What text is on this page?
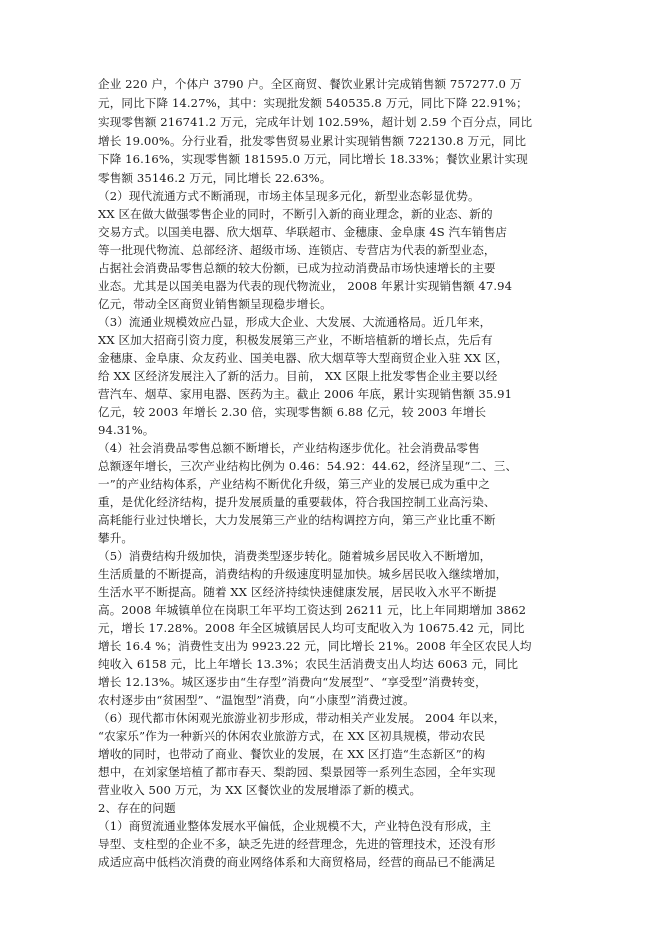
企业 220 户，个体户 3790 户。全区商贸、餐饮业累计完成销售额 757277.0 万
元，同比下降 14.27%，其中：实现批发额 540535.8 万元，同比下降 22.91%；
实现零售额 216741.2 万元，完成年计划 102.59%，超计划 2.59 个百分点，同比
增长 19.00%。分行业看，批发零售贸易业累计实现销售额 722130.8 万元，同比
下降 16.16%，实现零售额 181595.0 万元，同比增长 18.33%；餐饮业累计实现
零售额 35146.2 万元，同比增长 22.63%。
（2）现代流通方式不断涌现，市场主体呈现多元化，新型业态彰显优势。
XX 区在做大做强零售企业的同时，不断引入新的商业理念，新的业态、新的
交易方式。以国美电器、欣大烟草、华联超市、金穗康、金阜康 4S 汽车销售店
等一批现代物流、总部经济、超级市场、连锁店、专营店为代表的新型业态，
占据社会消费品零售总额的较大份额，已成为拉动消费品市场快速增长的主要
业态。尤其是以国美电器为代表的现代物流业， 2008 年累计实现销售额 47.94
亿元，带动全区商贸业销售额呈现稳步增长。
（3）流通业规模效应凸显，形成大企业、大发展、大流通格局。近几年来，
XX 区加大招商引资力度，积极发展第三产业，不断培植新的增长点，先后有
金穗康、金阜康、众友药业、国美电器、欣大烟草等大型商贸企业入驻 XX 区，
给 XX 区经济发展注入了新的活力。目前， XX 区限上批发零售企业主要以经
营汽车、烟草、家用电器、医药为主。截止 2006 年底，累计实现销售额 35.91
亿元，较 2003 年增长 2.30 倍，实现零售额 6.88 亿元，较 2003 年增长
94.31%。
（4）社会消费品零售总额不断增长，产业结构逐步优化。社会消费品零售
总额逐年增长，三次产业结构比例为 0.46：54.92：44.62，经济呈现“二、三、
一”的产业结构体系，产业结构不断优化升级，第三产业的发展已成为重中之
重，是优化经济结构，提升发展质量的重要载体，符合我国控制工业高污染、
高耗能行业过快增长，大力发展第三产业的结构调控方向，第三产业比重不断
攀升。
（5）消费结构升级加快，消费类型逐步转化。随着城乡居民收入不断增加，
生活质量的不断提高，消费结构的升级速度明显加快。城乡居民收入继续增加，
生活水平不断提高。随着 XX 区经济持续快速健康发展，居民收入水平不断提
高。2008 年城镇单位在岗职工年平均工资达到 26211 元，比上年同期增加 3862
元，增长 17.28%。2008 年全区城镇居民人均可支配收入为 10675.42 元，同比
增长 16.4 %；消费性支出为 9923.22 元，同比增长 21%。2008 年全区农民人均
纯收入 6158 元，比上年增长 13.3%；农民生活消费支出人均达 6063 元，同比
增长 12.13%。城区逐步由“生存型”消费向“发展型”、“享受型”消费转变，
农村逐步由“贫困型”、“温饱型”消费，向“小康型”消费过渡。
（6）现代都市休闲观光旅游业初步形成，带动相关产业发展。 2004 年以来，
“农家乐”作为一种新兴的休闲农业旅游方式，在 XX 区初具规模，带动农民
增收的同时，也带动了商业、餐饮业的发展，在 XX 区打造“生态新区”的构
想中，在刘家堡培植了都市春天、梨韵园、梨景园等一系列生态园，全年实现
营业收入 500 万元，为 XX 区餐饮业的发展增添了新的模式。
2、存在的问题
（1）商贸流通业整体发展水平偏低，企业规模不大，产业特色没有形成，主
导型、支柱型的企业不多，缺乏先进的经营理念，先进的管理技术，还没有形
成适应高中低档次消费的商业网络体系和大商贸格局，经营的商品已不能满足
